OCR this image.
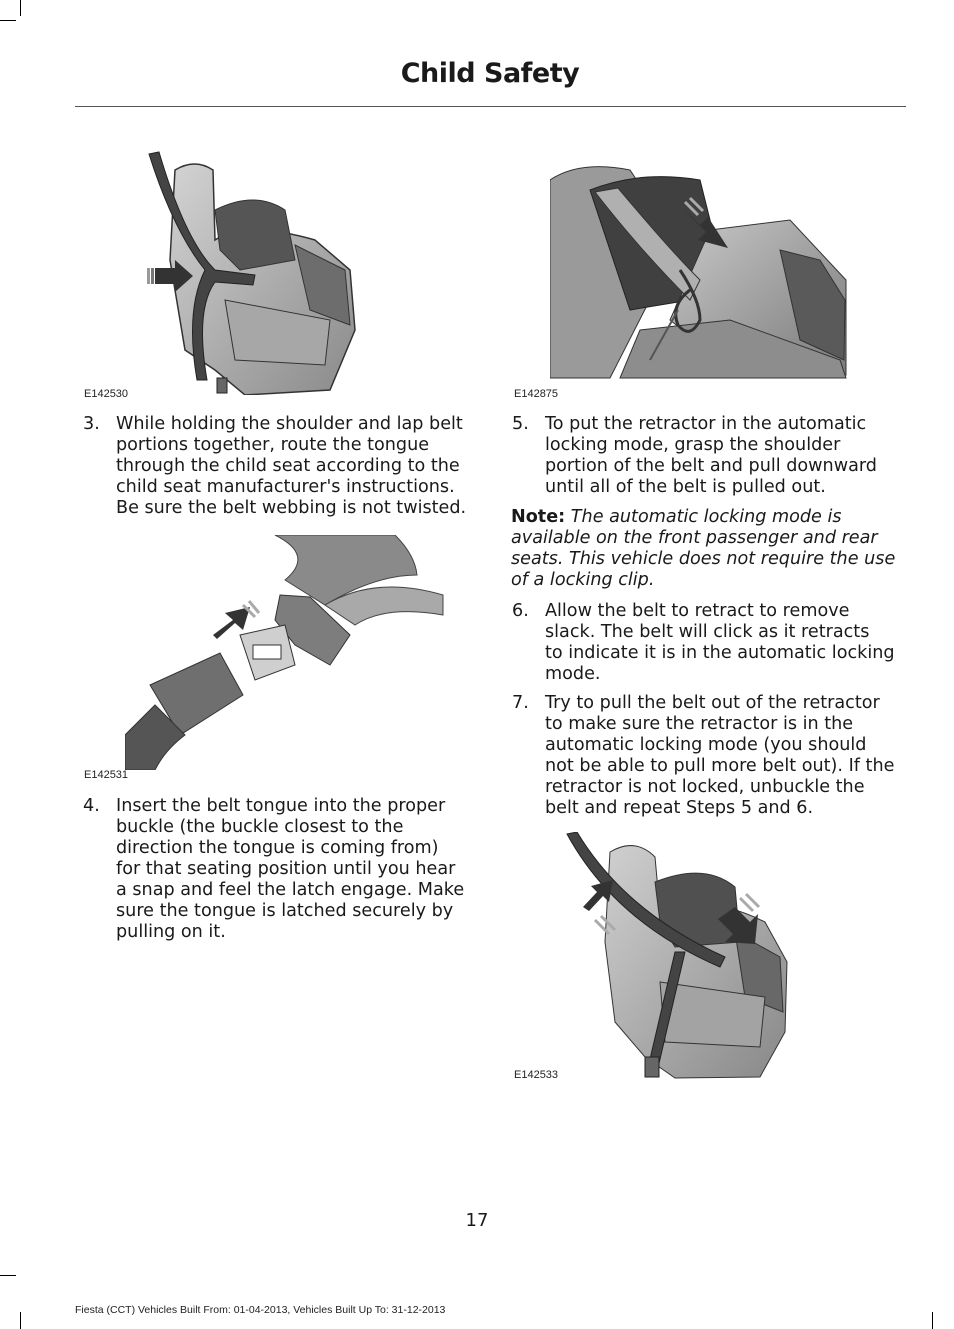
Child Safety
E142530	E142875
E142531
E142533
3. While holding the shoulder and lap belt
portions together, route the tongue
through the child seat according to the
child seat manufacturer's instructions.
Be sure the belt webbing is not twisted.
4. Insert the belt tongue into the proper
buckle (the buckle closest to the
direction the tongue is coming from)
for that seating position until you hear
a snap and feel the latch engage. Make
sure the tongue is latched securely by
pulling on it.
5. To put the retractor in the automatic
locking mode, grasp the shoulder
portion of the belt and pull downward
until all of the belt is pulled out.
Note: The automatic locking mode is
available on the front passenger and rear
seats. This vehicle does not require the use
of a locking clip.
6. Allow the belt to retract to remove
slack. The belt will click as it retracts
to indicate it is in the automatic locking
mode.
7. Try to pull the belt out of the retractor
to make sure the retractor is in the
automatic locking mode (you should
not be able to pull more belt out). If the
retractor is not locked, unbuckle the
belt and repeat Steps 5 and 6.
17
Fiesta (CCT) Vehicles Built From: 01-04-2013, Vehicles Built Up To: 31-12-2013
